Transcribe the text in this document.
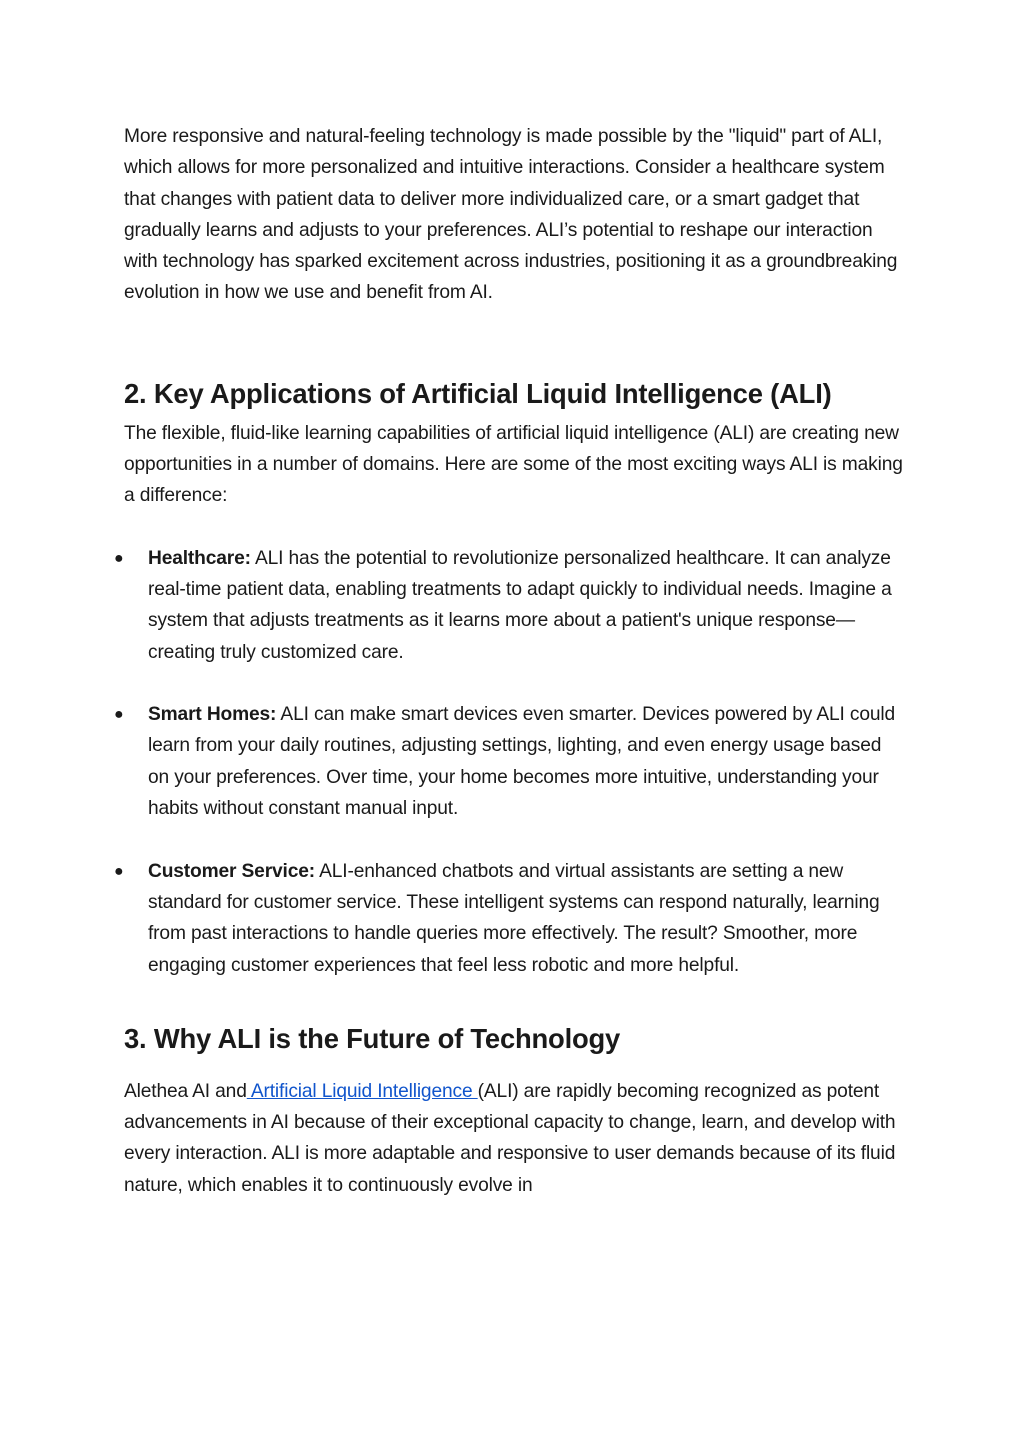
More responsive and natural-feeling technology is made possible by the "liquid" part of ALI, which allows for more personalized and intuitive interactions. Consider a healthcare system that changes with patient data to deliver more individualized care, or a smart gadget that gradually learns and adjusts to your preferences. ALI’s potential to reshape our interaction with technology has sparked excitement across industries, positioning it as a groundbreaking evolution in how we use and benefit from AI.

2. Key Applications of Artificial Liquid Intelligence (ALI)

The flexible, fluid-like learning capabilities of artificial liquid intelligence (ALI) are creating new opportunities in a number of domains. Here are some of the most exciting ways ALI is making a difference:

● Healthcare: ALI has the potential to revolutionize personalized healthcare. It can analyze real-time patient data, enabling treatments to adapt quickly to individual needs. Imagine a system that adjusts treatments as it learns more about a patient's unique response—creating truly customized care.

● Smart Homes: ALI can make smart devices even smarter. Devices powered by ALI could learn from your daily routines, adjusting settings, lighting, and even energy usage based on your preferences. Over time, your home becomes more intuitive, understanding your habits without constant manual input.

● Customer Service: ALI-enhanced chatbots and virtual assistants are setting a new standard for customer service. These intelligent systems can respond naturally, learning from past interactions to handle queries more effectively. The result? Smoother, more engaging customer experiences that feel less robotic and more helpful.

3. Why ALI is the Future of Technology

Alethea AI and Artificial Liquid Intelligence (ALI) are rapidly becoming recognized as potent advancements in AI because of their exceptional capacity to change, learn, and develop with every interaction. ALI is more adaptable and responsive to user demands because of its fluid nature, which enables it to continuously evolve in
